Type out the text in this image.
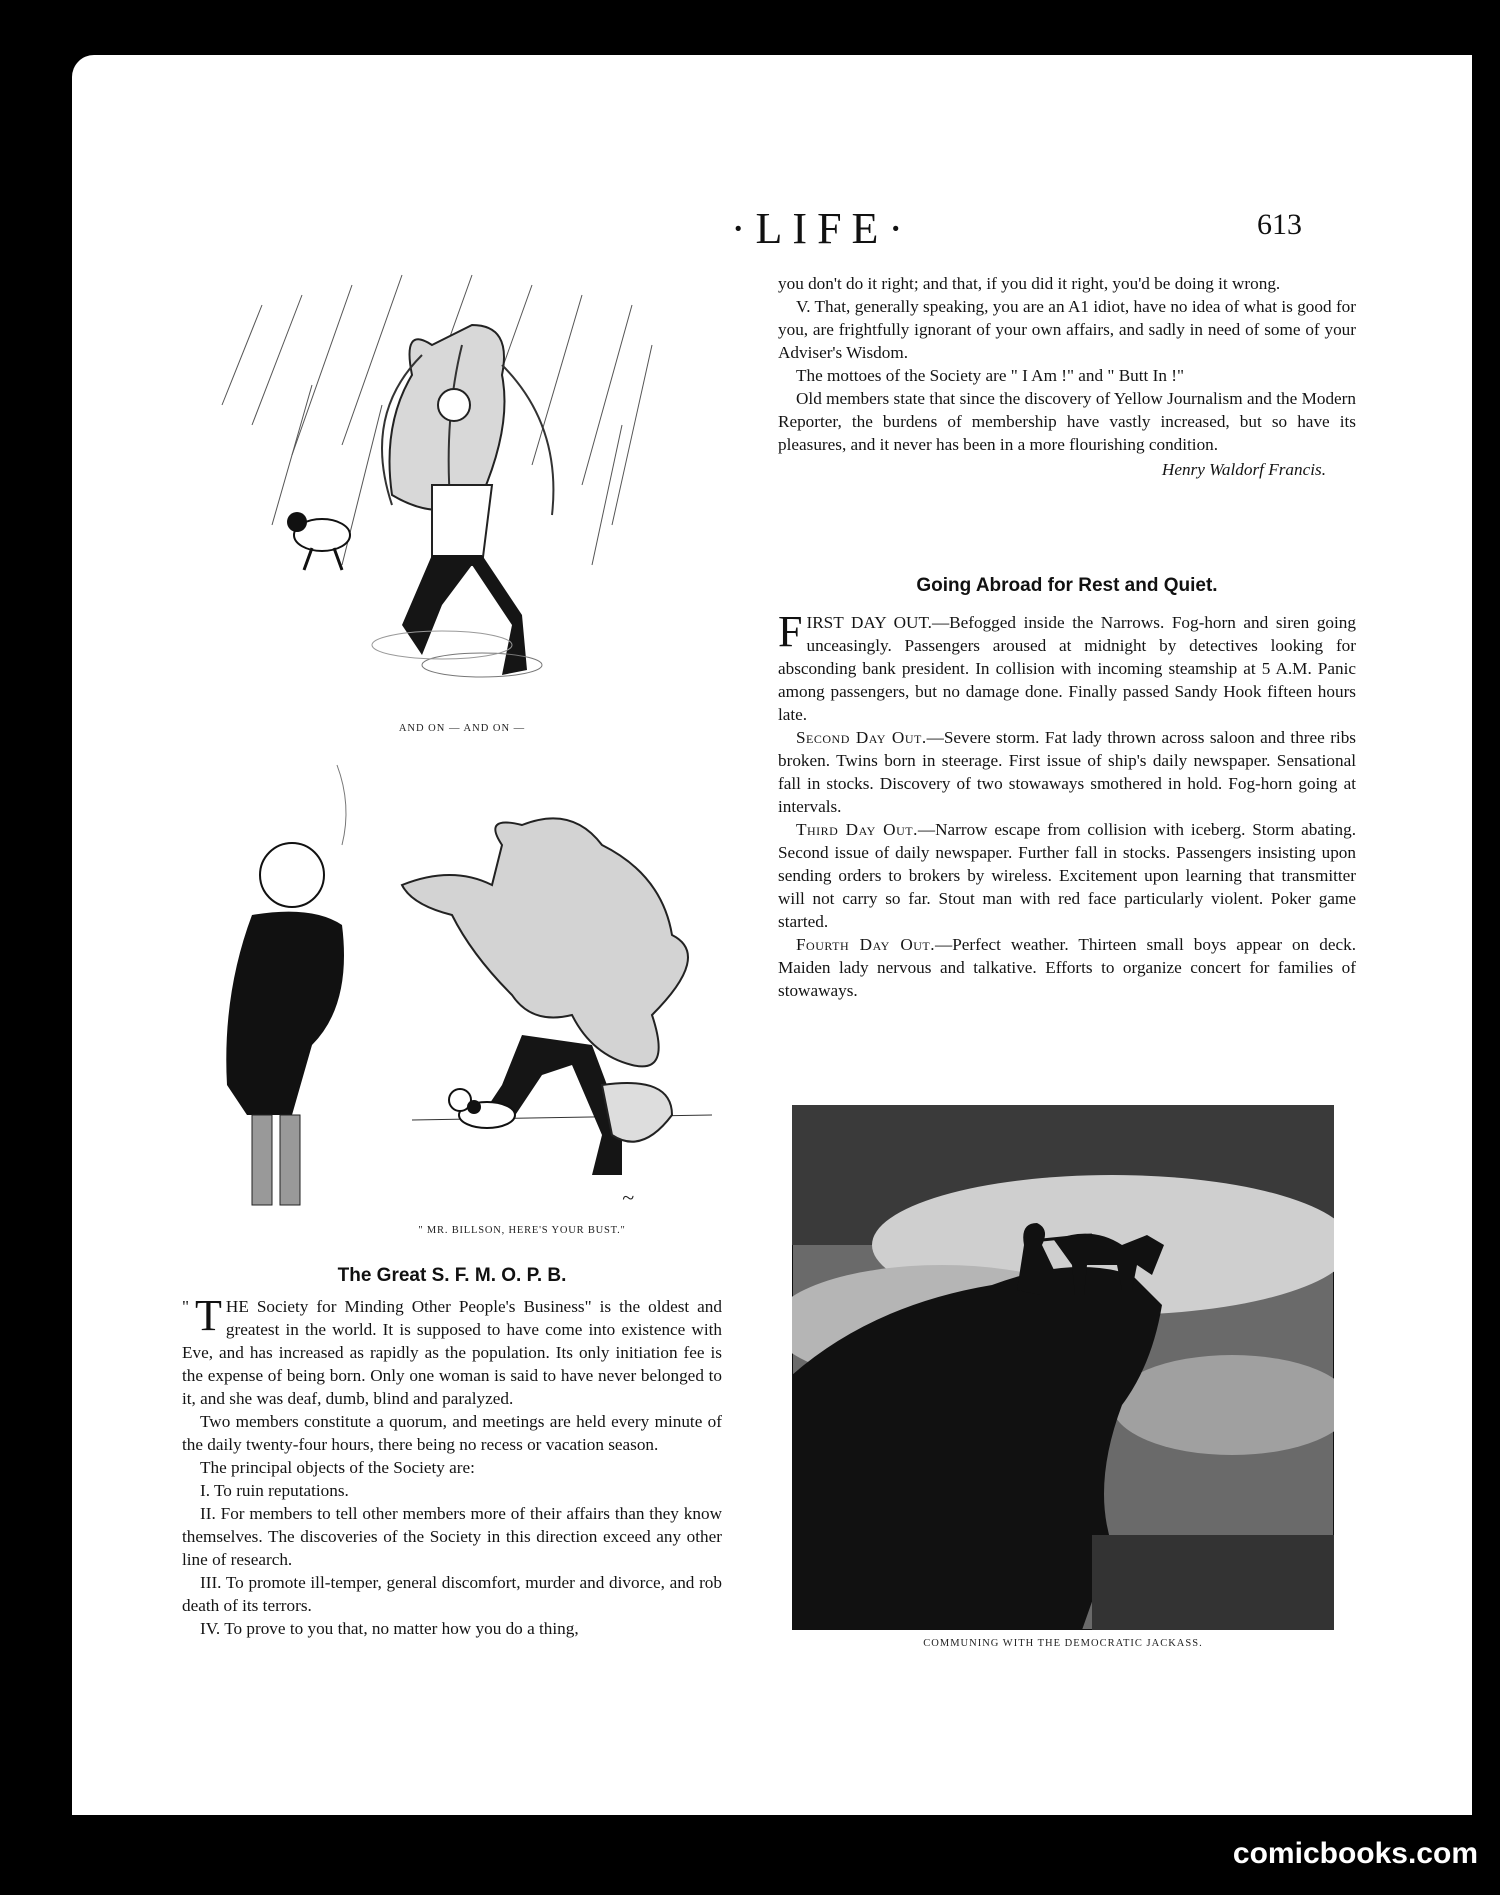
·LIFE·	613
AND ON — AND ON —
~
" MR. BILLSON, HERE'S YOUR BUST."
The Great S. F. M. O. P. B.

" T HE Society for Minding Other People's Business" is the oldest and greatest in the world. It is supposed to have come into existence with Eve, and has increased as rapidly as the population. Its only initiation fee is the expense of being born. Only one woman is said to have never belonged to it, and she was deaf, dumb, blind and paralyzed.

Two members constitute a quorum, and meetings are held every minute of the daily twenty-four hours, there being no recess or vacation season.

The principal objects of the Society are:

I. To ruin reputations.

II. For members to tell other members more of their affairs than they know themselves. The discoveries of the Society in this direction exceed any other line of research.

III. To promote ill-temper, general discomfort, murder and divorce, and rob death of its terrors.

IV. To prove to you that, no matter how you do a thing,

you don't do it right; and that, if you did it right, you'd be doing it wrong.

V. That, generally speaking, you are an A1 idiot, have no idea of what is good for you, are frightfully ignorant of your own affairs, and sadly in need of some of your Adviser's Wisdom.

The mottoes of the Society are " I Am !" and " Butt In !"

Old members state that since the discovery of Yellow Journalism and the Modern Reporter, the burdens of membership have vastly increased, but so have its pleasures, and it never has been in a more flourishing condition.

Henry Waldorf Francis.

Going Abroad for Rest and Quiet.

FIRST DAY OUT.—Befogged inside the Narrows. Fog-horn and siren going unceasingly. Passengers aroused at midnight by detectives looking for absconding bank president. In collision with incoming steamship at 5 A.M. Panic among passengers, but no damage done. Finally passed Sandy Hook fifteen hours late.

Second Day Out.—Severe storm. Fat lady thrown across saloon and three ribs broken. Twins born in steerage. First issue of ship's daily newspaper. Sensational fall in stocks. Discovery of two stowaways smothered in hold. Fog-horn going at intervals.

Third Day Out.—Narrow escape from collision with iceberg. Storm abating. Second issue of daily newspaper. Further fall in stocks. Passengers insisting upon sending orders to brokers by wireless. Excitement upon learning that transmitter will not carry so far. Stout man with red face particularly violent. Poker game started.

Fourth Day Out.—Perfect weather. Thirteen small boys appear on deck. Maiden lady nervous and talkative. Efforts to organize concert for families of stowaways.

COMMUNING WITH THE DEMOCRATIC JACKASS.
comicbooks.com
